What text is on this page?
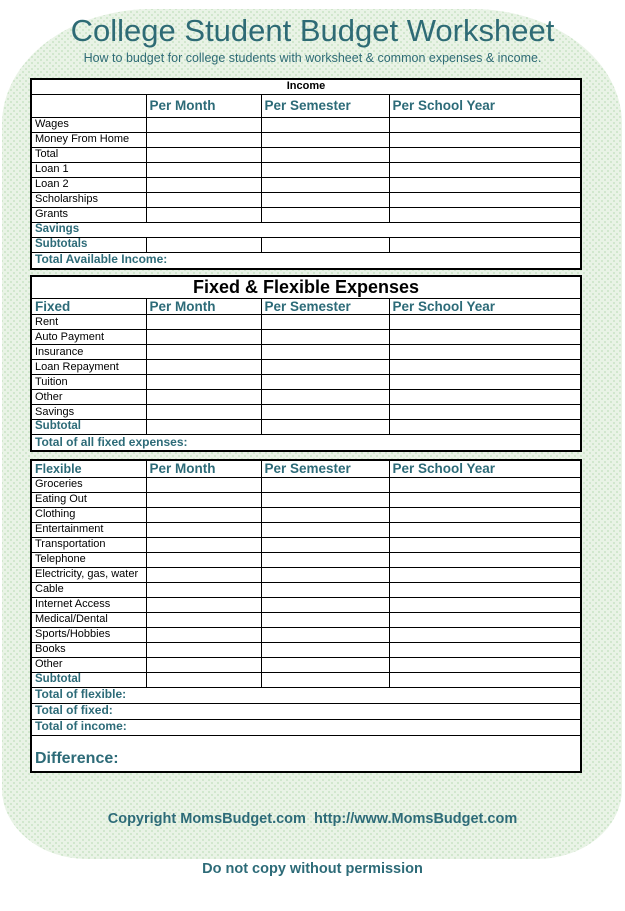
College Student Budget Worksheet
How to budget for college students with worksheet & common expenses & income.
Income			
	Per Month	Per Semester	Per School Year
Wages			
Money From Home			
Total			
Loan 1			
Loan 2			
Scholarships			
Grants			
Savings			
Subtotals			
Total Available Income:			
Fixed & Flexible Expenses			
Fixed	Per Month	Per Semester	Per School Year
Rent			
Auto Payment			
Insurance			
Loan Repayment			
Tuition			
Other			
Savings			
Subtotal			
Total of all fixed expenses:			
Flexible	Per Month	Per Semester	Per School Year
Groceries			
Eating Out			
Clothing			
Entertainment			
Transportation			
Telephone			
Electricity, gas, water			
Cable			
Internet Access			
Medical/Dental			
Sports/Hobbies			
Books			
Other			
Subtotal			
Total of flexible:			
Total of fixed:			
Total of income:			
Difference:			

Copyright MomsBudget.com  http://www.MomsBudget.com

Do not copy without permission
